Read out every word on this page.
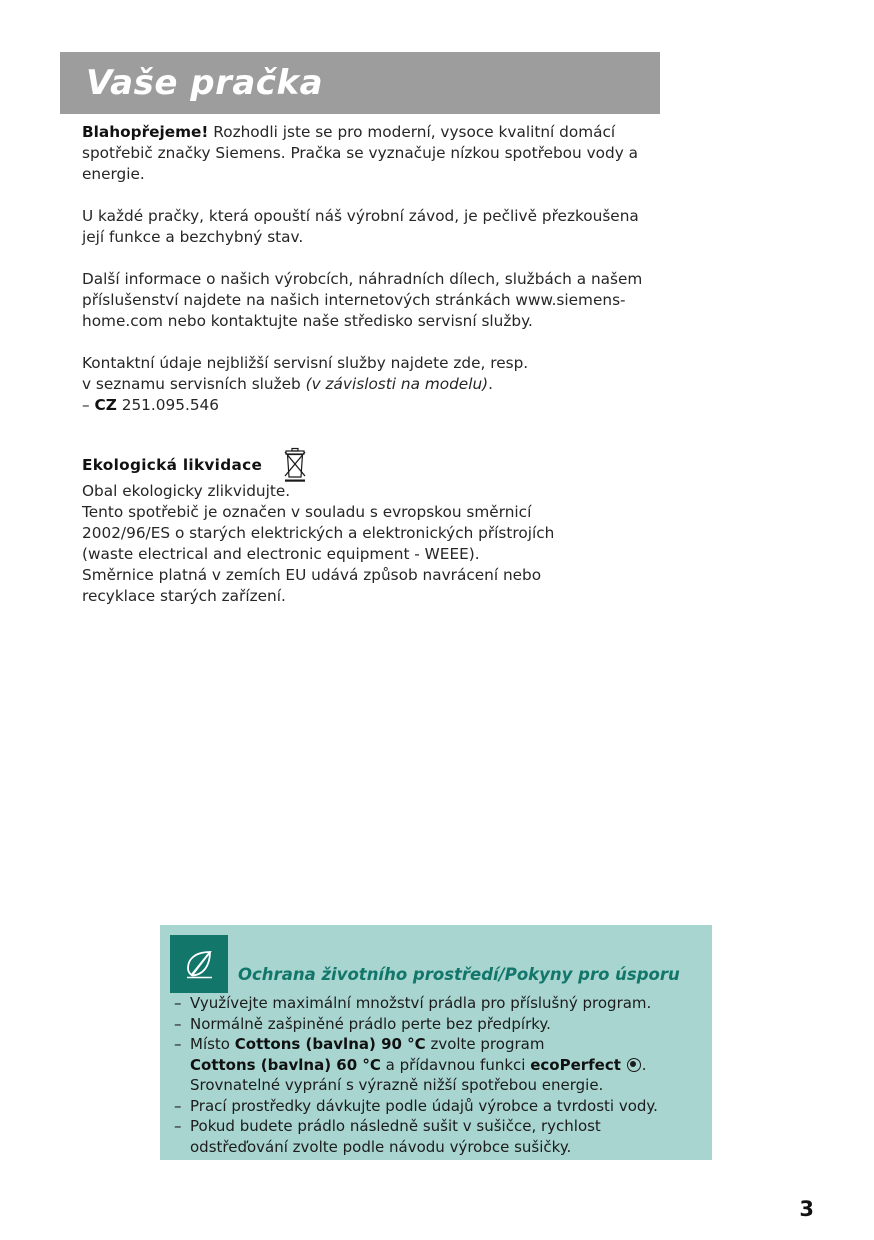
Vaše pračka

Blahopřejeme! Rozhodli jste se pro moderní, vysoce kvalitní domácí spotřebič značky Siemens. Pračka se vyznačuje nízkou spotřebou vody a energie.

U každé pračky, která opouští náš výrobní závod, je pečlivě přezkoušena její funkce a bezchybný stav.

Další informace o našich výrobcích, náhradních dílech, službách a našem příslušenství najdete na našich internetových stránkách www.siemens-home.com nebo kontaktujte naše středisko servisní služby.

Kontaktní údaje nejbližší servisní služby najdete zde, resp.
v seznamu servisních služeb (v závislosti na modelu).
– CZ 251.095.546

Ekologická likvidace
Obal ekologicky zlikvidujte.
Tento spotřebič je označen v souladu s evropskou směrnicí
2002/96/ES o starých elektrických a elektronických přístrojích
(waste electrical and electronic equipment - WEEE).
Směrnice platná v zemích EU udává způsob navrácení nebo
recyklace starých zařízení.
Ochrana životního prostředí/Pokyny pro úsporu
– Využívejte maximální množství prádla pro příslušný program.
– Normálně zašpiněné prádlo perte bez předpírky.
– Místo Cottons (bavlna) 90 °C zvolte program
Cottons (bavlna) 60 °C a přídavnou funkci ecoPerfect .
Srovnatelné vyprání s výrazně nižší spotřebou energie.
– Prací prostředky dávkujte podle údajů výrobce a tvrdosti vody.
– Pokud budete prádlo následně sušit v sušičce, rychlost
odstřeďování zvolte podle návodu výrobce sušičky.
3
